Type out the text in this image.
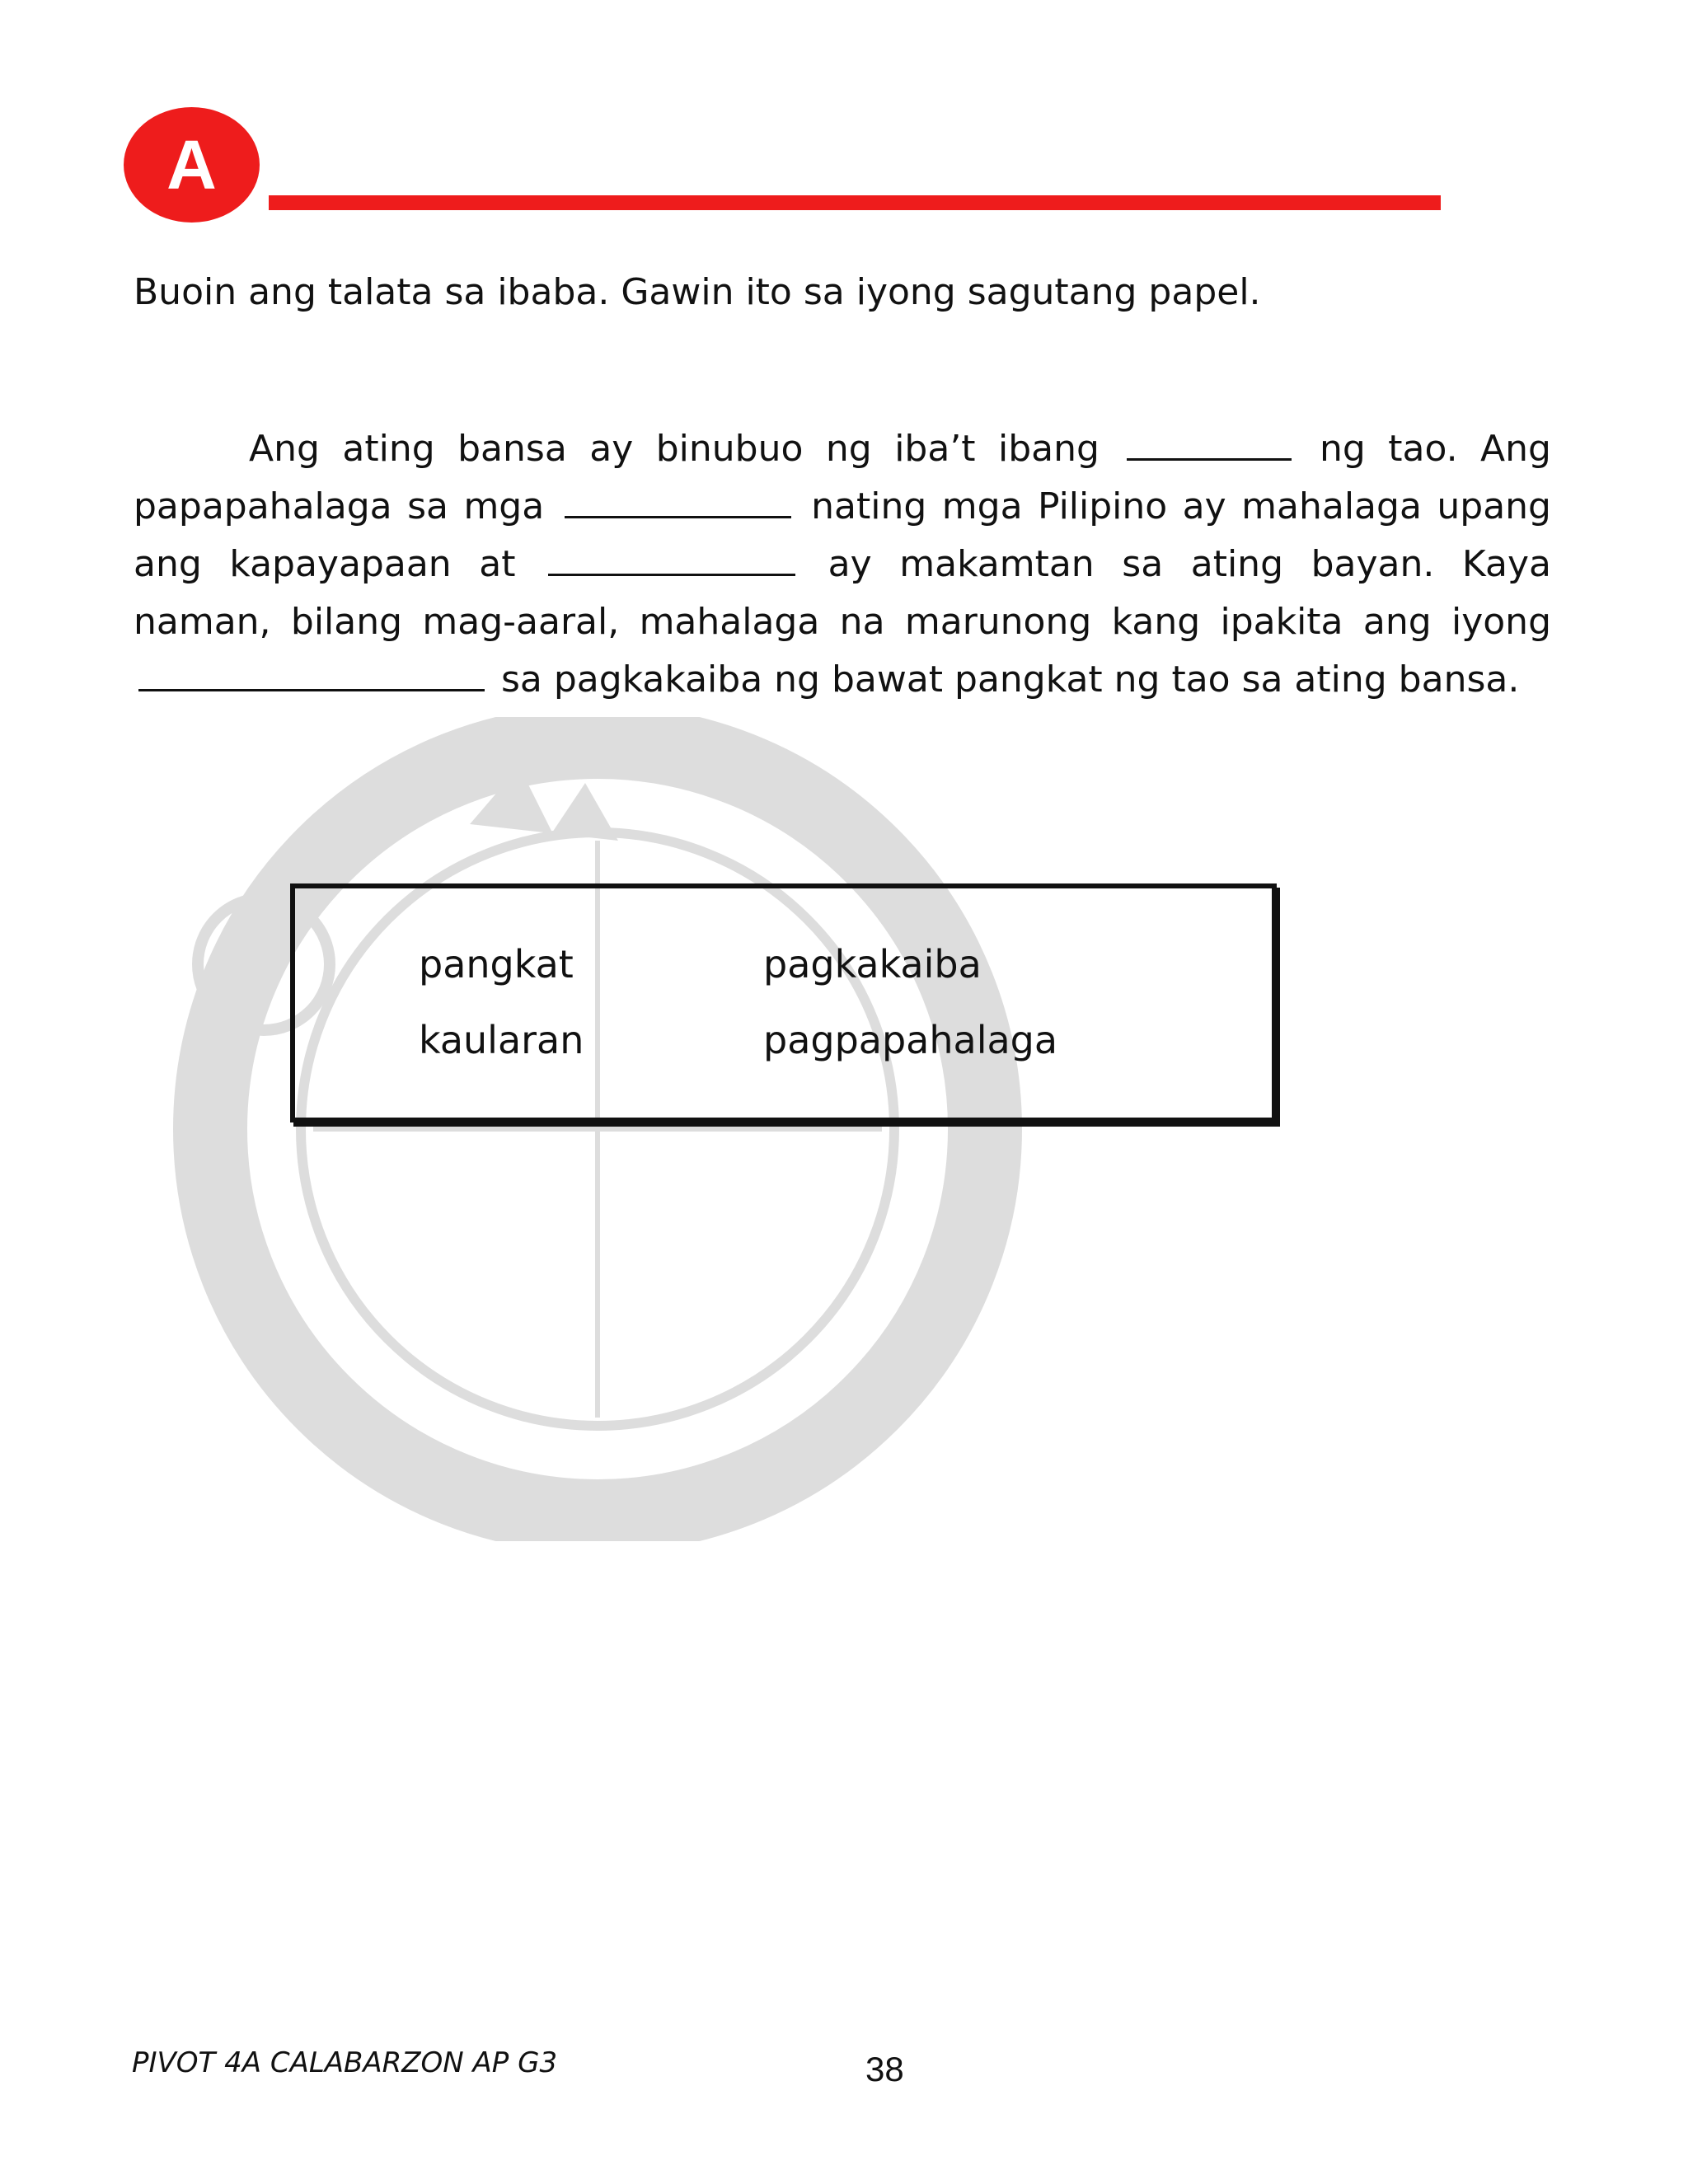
A
Buoin ang talata sa ibaba. Gawin ito sa iyong sagutang papel.
Ang ating bansa ay binubuo ng iba’t ibang	ng tao. Ang papapahalaga sa mga	nating mga Pilipino ay mahalaga upang ang kapayapaan at	ay makamtan sa ating bayan. Kaya naman, bilang mag-aaral, mahalaga na marunong kang ipakita ang iyong  sa pagkakaiba ng bawat pangkat ng tao sa ating bansa.
pangkat	pagkakaiba
kaularan	pagpapahalaga
PIVOT 4A CALABARZON AP G3	38
